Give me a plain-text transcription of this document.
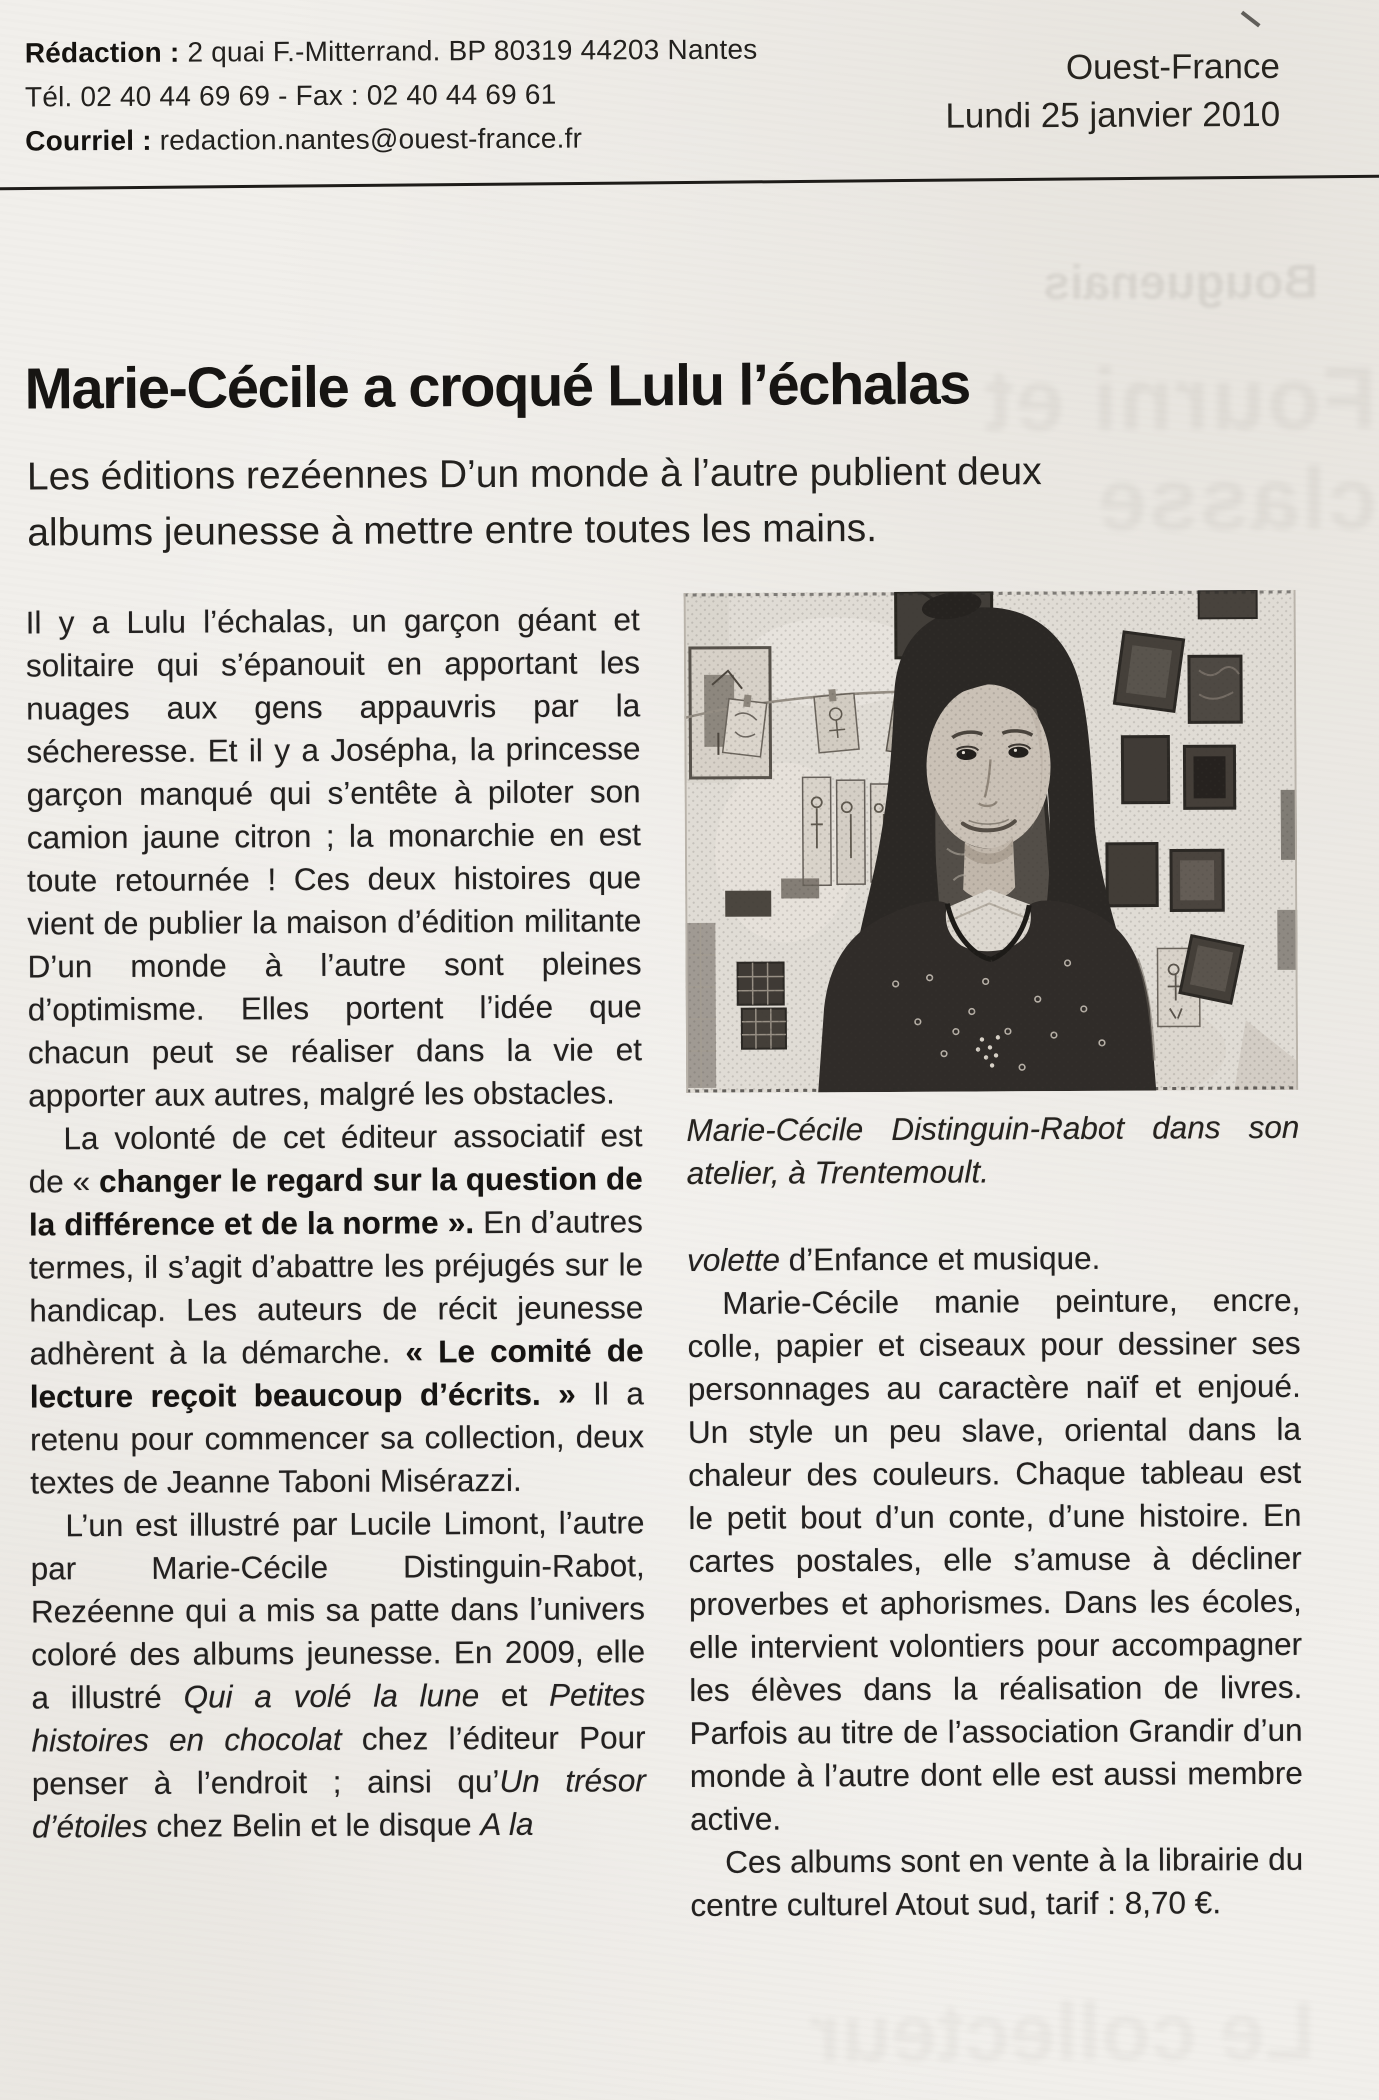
Bouguenais
Fourni et classe
Le collecteur
Rédaction : 2 quai F.-Mitterrand. BP 80319 44203 Nantes
Tél. 02 40 44 69 69 - Fax : 02 40 44 69 61
Courriel : redaction.nantes@ouest-france.fr
Ouest-France
Lundi 25 janvier 2010
Marie-Cécile a croqué Lulu l’échalas

Les éditions rezéennes D’un monde à l’autre publient deux albums jeunesse à mettre entre toutes les mains.

Il y a Lulu l’échalas, un garçon géant et solitaire qui s’épanouit en apportant les nuages aux gens appauvris par la sécheresse. Et il y a Josépha, la princesse garçon manqué qui s’entête à piloter son camion jaune citron ; la monarchie en est toute retournée ! Ces deux histoires que vient de publier la maison d’édition militante D’un monde à l’autre sont pleines d’optimisme. Elles portent l’idée que chacun peut se réaliser dans la vie et apporter aux autres, malgré les obstacles.

La volonté de cet éditeur associatif est de « changer le regard sur la question de la différence et de la norme ». En d’autres termes, il s’agit d’abattre les préjugés sur le handicap. Les auteurs de récit jeunesse adhèrent à la démarche. « Le comité de lecture reçoit beaucoup d’écrits. » Il a retenu pour commencer sa collection, deux textes de Jeanne Taboni Misérazzi.

L’un est illustré par Lucile Limont, l’autre par Marie-Cécile Distinguin-Rabot, Rezéenne qui a mis sa patte dans l’univers coloré des albums jeunesse. En 2009, elle a illustré Qui a volé la lune et Petites histoires en chocolat chez l’éditeur Pour penser à l’endroit ; ainsi qu’Un trésor d’étoiles chez Belin et le disque A la

Marie-Cécile Distinguin-Rabot dans son atelier, à Trentemoult.

volette d’Enfance et musique.

Marie-Cécile manie peinture, encre, colle, papier et ciseaux pour dessiner ses personnages au caractère naïf et enjoué. Un style un peu slave, oriental dans la chaleur des couleurs. Chaque tableau est le petit bout d’un conte, d’une histoire. En cartes postales, elle s’amuse à décliner proverbes et aphorismes. Dans les écoles, elle intervient volontiers pour accompagner les élèves dans la réalisation de livres. Parfois au titre de l’association Grandir d’un monde à l’autre dont elle est aussi membre active.

Ces albums sont en vente à la librairie du centre culturel Atout sud, tarif : 8,70 €.
